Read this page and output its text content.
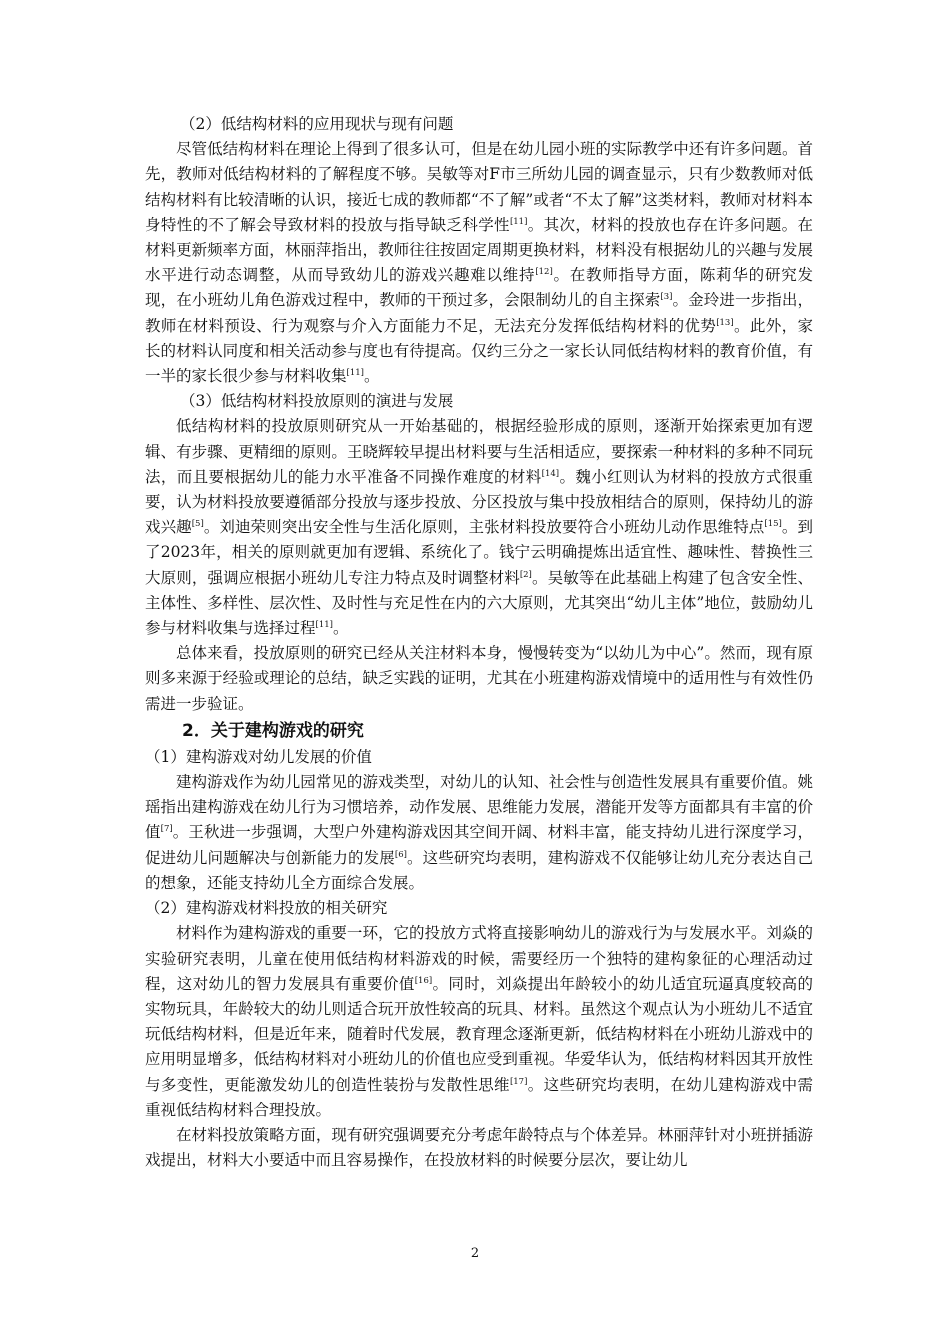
（2）低结构材料的应用现状与现有问题

尽管低结构材料在理论上得到了很多认可，但是在幼儿园小班的实际教学中还有许多问题。首先，教师对低结构材料的了解程度不够。吴敏等对F市三所幼儿园的调查显示，只有少数教师对低结构材料有比较清晰的认识，接近七成的教师都“不了解”或者“不太了解”这类材料，教师对材料本身特性的不了解会导致材料的投放与指导缺乏科学性[11]。其次，材料的投放也存在许多问题。在材料更新频率方面，林丽萍指出，教师往往按固定周期更换材料，材料没有根据幼儿的兴趣与发展水平进行动态调整，从而导致幼儿的游戏兴趣难以维持[12]。在教师指导方面，陈莉华的研究发现，在小班幼儿角色游戏过程中，教师的干预过多，会限制幼儿的自主探索[3]。金玲进一步指出，教师在材料预设、行为观察与介入方面能力不足，无法充分发挥低结构材料的优势[13]。此外，家长的材料认同度和相关活动参与度也有待提高。仅约三分之一家长认同低结构材料的教育价值，有一半的家长很少参与材料收集[11]。

（3）低结构材料投放原则的演进与发展

低结构材料的投放原则研究从一开始基础的，根据经验形成的原则，逐渐开始探索更加有逻辑、有步骤、更精细的原则。王晓辉较早提出材料要与生活相适应，要探索一种材料的多种不同玩法，而且要根据幼儿的能力水平准备不同操作难度的材料[14]。魏小红则认为材料的投放方式很重要，认为材料投放要遵循部分投放与逐步投放、分区投放与集中投放相结合的原则，保持幼儿的游戏兴趣[5]。刘迪荣则突出安全性与生活化原则，主张材料投放要符合小班幼儿动作思维特点[15]。到了2023年，相关的原则就更加有逻辑、系统化了。钱宁云明确提炼出适宜性、趣味性、替换性三大原则，强调应根据小班幼儿专注力特点及时调整材料[2]。吴敏等在此基础上构建了包含安全性、主体性、多样性、层次性、及时性与充足性在内的六大原则，尤其突出“幼儿主体”地位，鼓励幼儿参与材料收集与选择过程[11]。

总体来看，投放原则的研究已经从关注材料本身，慢慢转变为“以幼儿为中心”。然而，现有原则多来源于经验或理论的总结，缺乏实践的证明，尤其在小班建构游戏情境中的适用性与有效性仍需进一步验证。

2．关于建构游戏的研究
（1）建构游戏对幼儿发展的价值

建构游戏作为幼儿园常见的游戏类型，对幼儿的认知、社会性与创造性发展具有重要价值。姚瑶指出建构游戏在幼儿行为习惯培养，动作发展、思维能力发展，潜能开发等方面都具有丰富的价值[7]。王秋进一步强调，大型户外建构游戏因其空间开阔、材料丰富，能支持幼儿进行深度学习，促进幼儿问题解决与创新能力的发展[6]。这些研究均表明，建构游戏不仅能够让幼儿充分表达自己的想象，还能支持幼儿全方面综合发展。

（2）建构游戏材料投放的相关研究

材料作为建构游戏的重要一环，它的投放方式将直接影响幼儿的游戏行为与发展水平。刘焱的实验研究表明，儿童在使用低结构材料游戏的时候，需要经历一个独特的建构象征的心理活动过程，这对幼儿的智力发展具有重要价值[16]。同时，刘焱提出年龄较小的幼儿适宜玩逼真度较高的实物玩具，年龄较大的幼儿则适合玩开放性较高的玩具、材料。虽然这个观点认为小班幼儿不适宜玩低结构材料，但是近年来，随着时代发展，教育理念逐渐更新，低结构材料在小班幼儿游戏中的应用明显增多，低结构材料对小班幼儿的价值也应受到重视。华爱华认为，低结构材料因其开放性与多变性，更能激发幼儿的创造性装扮与发散性思维[17]。这些研究均表明，在幼儿建构游戏中需重视低结构材料合理投放。

在材料投放策略方面，现有研究强调要充分考虑年龄特点与个体差异。林丽萍针对小班拼插游戏提出，材料大小要适中而且容易操作，在投放材料的时候要分层次，要让幼儿

2
